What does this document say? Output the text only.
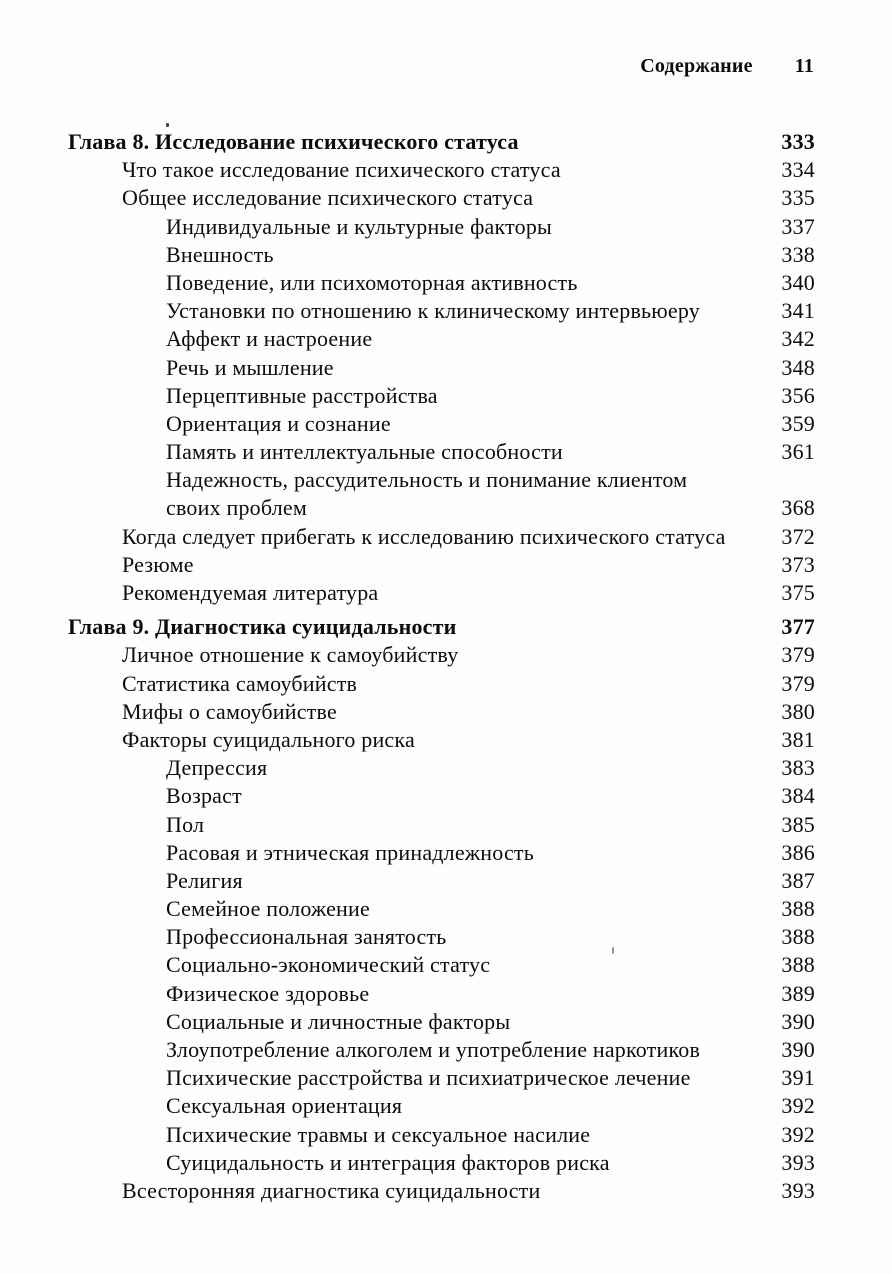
Содержание 11
Глава 8. Исследование психического статуса	333
Что такое исследование психического статуса	334
Общее исследование психического статуса	335
Индивидуальные и культурные факторы	337
Внешность	338
Поведение, или психомоторная активность	340
Установки по отношению к клиническому интервьюеру	341
Аффект и настроение	342
Речь и мышление	348
Перцептивные расстройства	356
Ориентация и сознание	359
Память и интеллектуальные способности	361
Надежность, рассудительность и понимание клиентом
своих проблем	368
Когда следует прибегать к исследованию психического статуса	372
Резюме	373
Рекомендуемая литература	375
Глава 9. Диагностика суицидальности	377
Личное отношение к самоубийству	379
Статистика самоубийств	379
Мифы о самоубийстве	380
Факторы суицидального риска	381
Депрессия	383
Возраст	384
Пол	385
Расовая и этническая принадлежность	386
Религия	387
Семейное положение	388
Профессиональная занятость	388
Социально-экономический статус	388
Физическое здоровье	389
Социальные и личностные факторы	390
Злоупотребление алкоголем и употребление наркотиков	390
Психические расстройства и психиатрическое лечение	391
Сексуальная ориентация	392
Психические травмы и сексуальное насилие	392
Суицидальность и интеграция факторов риска	393
Всесторонняя диагностика суицидальности	393
